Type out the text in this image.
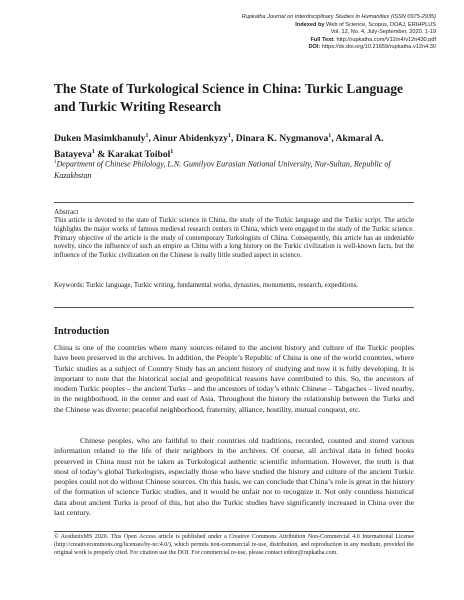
Rupkatha Journal on Interdisciplinary Studies in Humanities (ISSN 0975-2935)
Indexed by Web of Science, Scopus, DOAJ, ERIHPLUS
Vol. 12, No. 4, July-September, 2020. 1-19
Full Text: http://rupkatha.com/V12/n4/v12n430.pdf
DOI: https://dx.doi.org/10.21659/rupkatha.v12n4.30
The State of Turkological Science in China: Turkic Language and Turkic Writing Research
Duken Masimkhanuly$^1$, Ainur Abidenkyzy$^1$, Dinara K. Nygmanova$^1$, Akmaral A. Batayeva$^1$ & Karakat Toibol$^1$
$^1$Department of Chinese Philology, L.N. Gumilyov Eurasian National University, Nur-Sultan, Republic of Kazakhstan
Abstract

This article is devoted to the state of Turkic science in China, the study of the Turkic language and the Turkic script. The article highlights the major works of famous medieval research centers in China, which were engaged in the study of the Turkic science. Primary objective of the article is the study of contemporary Turkologists of China. Consequently, this article has an undeniable novelty, since the influence of such an empire as China with a long history on the Turkic civilization is well-known facts, but the influence of the Turkic civilization on the Chinese is really little studied aspect in science.

Keywords: Turkic language, Turkic writing, fundamental works, dynasties, monuments, research, expeditions.

Introduction

China is one of the countries where many sources related to the ancient history and culture of the Turkic peoples have been preserved in the archives. In addition, the People’s Republic of China is one of the world countries, where Turkic studies as a subject of Country Study has an ancient history of studying and now it is fully developing. It is important to note that the historical social and geopolitical reasons have contributed to this. So, the ancestors of modern Turkic peoples – the ancient Turks – and the ancestors of today’s ethnic Chinese – Tabgaches – lived nearby, in the neighborhood, in the center and east of Asia. Throughout the history the relationship between the Turks and the Chinese was diverse: peaceful neighborhood, fraternity, alliance, hostility, mutual conquest, etc.

Chinese peoples, who are faithful to their countries old traditions, recorded, counted and stored various information related to the life of their neighbors in the archives. Of course, all archival data in felted books preserved in China must not be taken as Turkological authentic scientific information. However, the truth is that most of today’s global Turkologists, especially those who have studied the history and culture of the ancient Turkic peoples could not do without Chinese sources. On this basis, we can conclude that China’s role is great in the history of the formation of science Turkic studies, and it would be unfair not to recognize it. Not only countless historical data about ancient Turks is proof of this, but also the Turkic studies have significantly increased in China over the last century.

© AesthetixMS 2020. This Open Access article is published under a Creative Commons Attribution Non-Commercial 4.0 International License (http://creativecommons.org/licenses/by-nc/4.0/), which permits non-commercial re-use, distribution, and reproduction in any medium, provided the original work is properly cited. For citation use the DOI. For commercial re-use, please contact editor@rupkatha.com.
